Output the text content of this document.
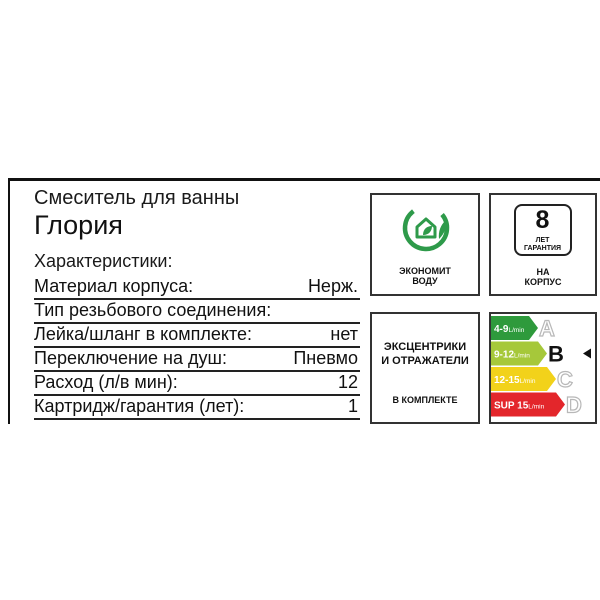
Смеситель для ванны
Глория
Характеристики:
Материал корпуса:	Нерж.
Тип резьбового соединения:
Лейка/шланг в комплекте:	нет
Переключение на душ:	Пневмо
Расход (л/в мин):	12
Картридж/гарантия (лет):	1
ЭКОНОМИТ
ВОДУ
8
ЛЕТ
ГАРАНТИЯ
НА
КОРПУС
ЭКСЦЕНТРИКИ
И ОТРАЖАТЕЛИ
В КОМПЛЕКТЕ
4-9L/min A
9-12L/min B
12-15L/min C
SUP 15L/min D
